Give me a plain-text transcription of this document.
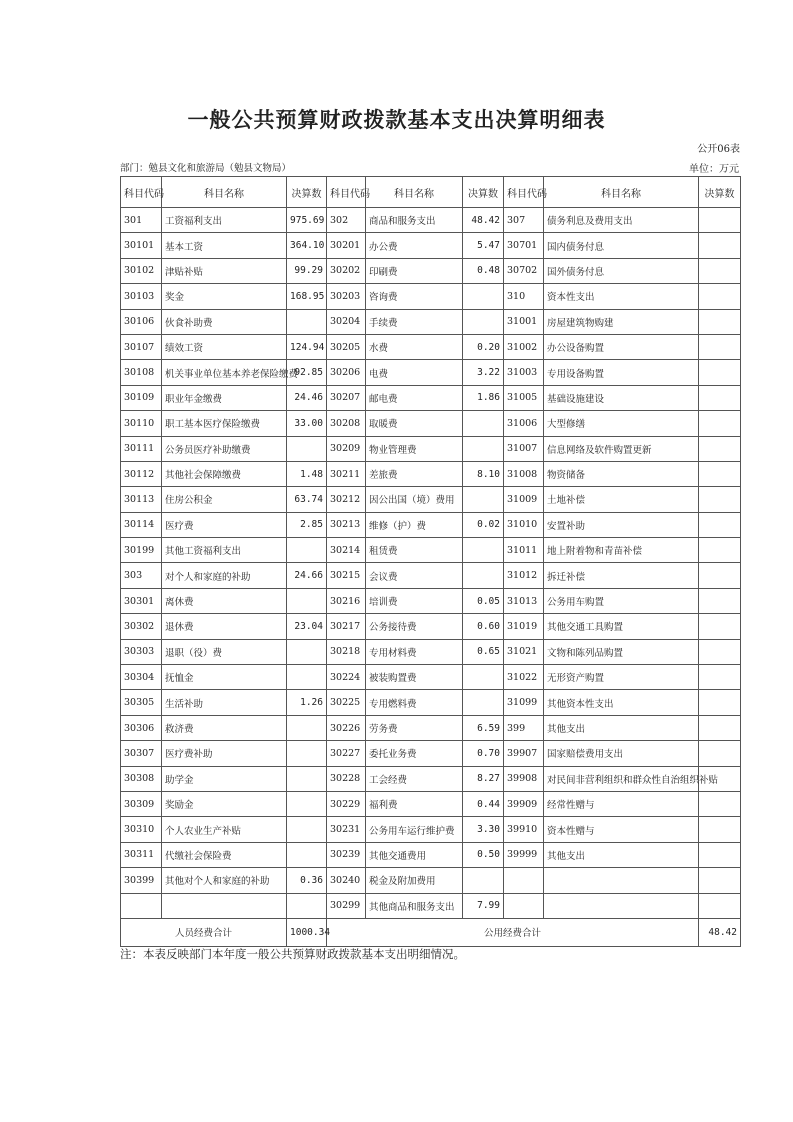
一般公共预算财政拨款基本支出决算明细表
公开06表
部门：勉县文化和旅游局（勉县文物局）	单位：万元
科目代码	科目名称	决算数	科目代码	科目名称	决算数	科目代码	科目名称	决算数
301	工资福利支出	975.69	302	商品和服务支出	48.42	307	债务利息及费用支出	
30101	基本工资	364.10	30201	办公费	5.47	30701	国内债务付息	
30102	津贴补贴	99.29	30202	印刷费	0.48	30702	国外债务付息	
30103	奖金	168.95	30203	咨询费		310	资本性支出	
30106	伙食补助费		30204	手续费		31001	房屋建筑物购建	
30107	绩效工资	124.94	30205	水费	0.20	31002	办公设备购置	
30108	机关事业单位基本养老保险缴费	92.85	30206	电费	3.22	31003	专用设备购置	
30109	职业年金缴费	24.46	30207	邮电费	1.86	31005	基础设施建设	
30110	职工基本医疗保险缴费	33.00	30208	取暖费		31006	大型修缮	
30111	公务员医疗补助缴费		30209	物业管理费		31007	信息网络及软件购置更新	
30112	其他社会保障缴费	1.48	30211	差旅费	8.10	31008	物资储备	
30113	住房公积金	63.74	30212	因公出国（境）费用		31009	土地补偿	
30114	医疗费	2.85	30213	维修（护）费	0.02	31010	安置补助	
30199	其他工资福利支出		30214	租赁费		31011	地上附着物和青苗补偿	
303	对个人和家庭的补助	24.66	30215	会议费		31012	拆迁补偿	
30301	离休费		30216	培训费	0.05	31013	公务用车购置	
30302	退休费	23.04	30217	公务接待费	0.60	31019	其他交通工具购置	
30303	退职（役）费		30218	专用材料费	0.65	31021	文物和陈列品购置	
30304	抚恤金		30224	被装购置费		31022	无形资产购置	
30305	生活补助	1.26	30225	专用燃料费		31099	其他资本性支出	
30306	救济费		30226	劳务费	6.59	399	其他支出	
30307	医疗费补助		30227	委托业务费	0.70	39907	国家赔偿费用支出	
30308	助学金		30228	工会经费	8.27	39908	对民间非营利组织和群众性自治组织补贴	
30309	奖励金		30229	福利费	0.44	39909	经常性赠与	
30310	个人农业生产补贴		30231	公务用车运行维护费	3.30	39910	资本性赠与	
30311	代缴社会保险费		30239	其他交通费用	0.50	39999	其他支出	
30399	其他对个人和家庭的补助	0.36	30240	税金及附加费用				
			30299	其他商品和服务支出	7.99			
人员经费合计		1000.34	公用经费合计					48.42
注：本表反映部门本年度一般公共预算财政拨款基本支出明细情况。
